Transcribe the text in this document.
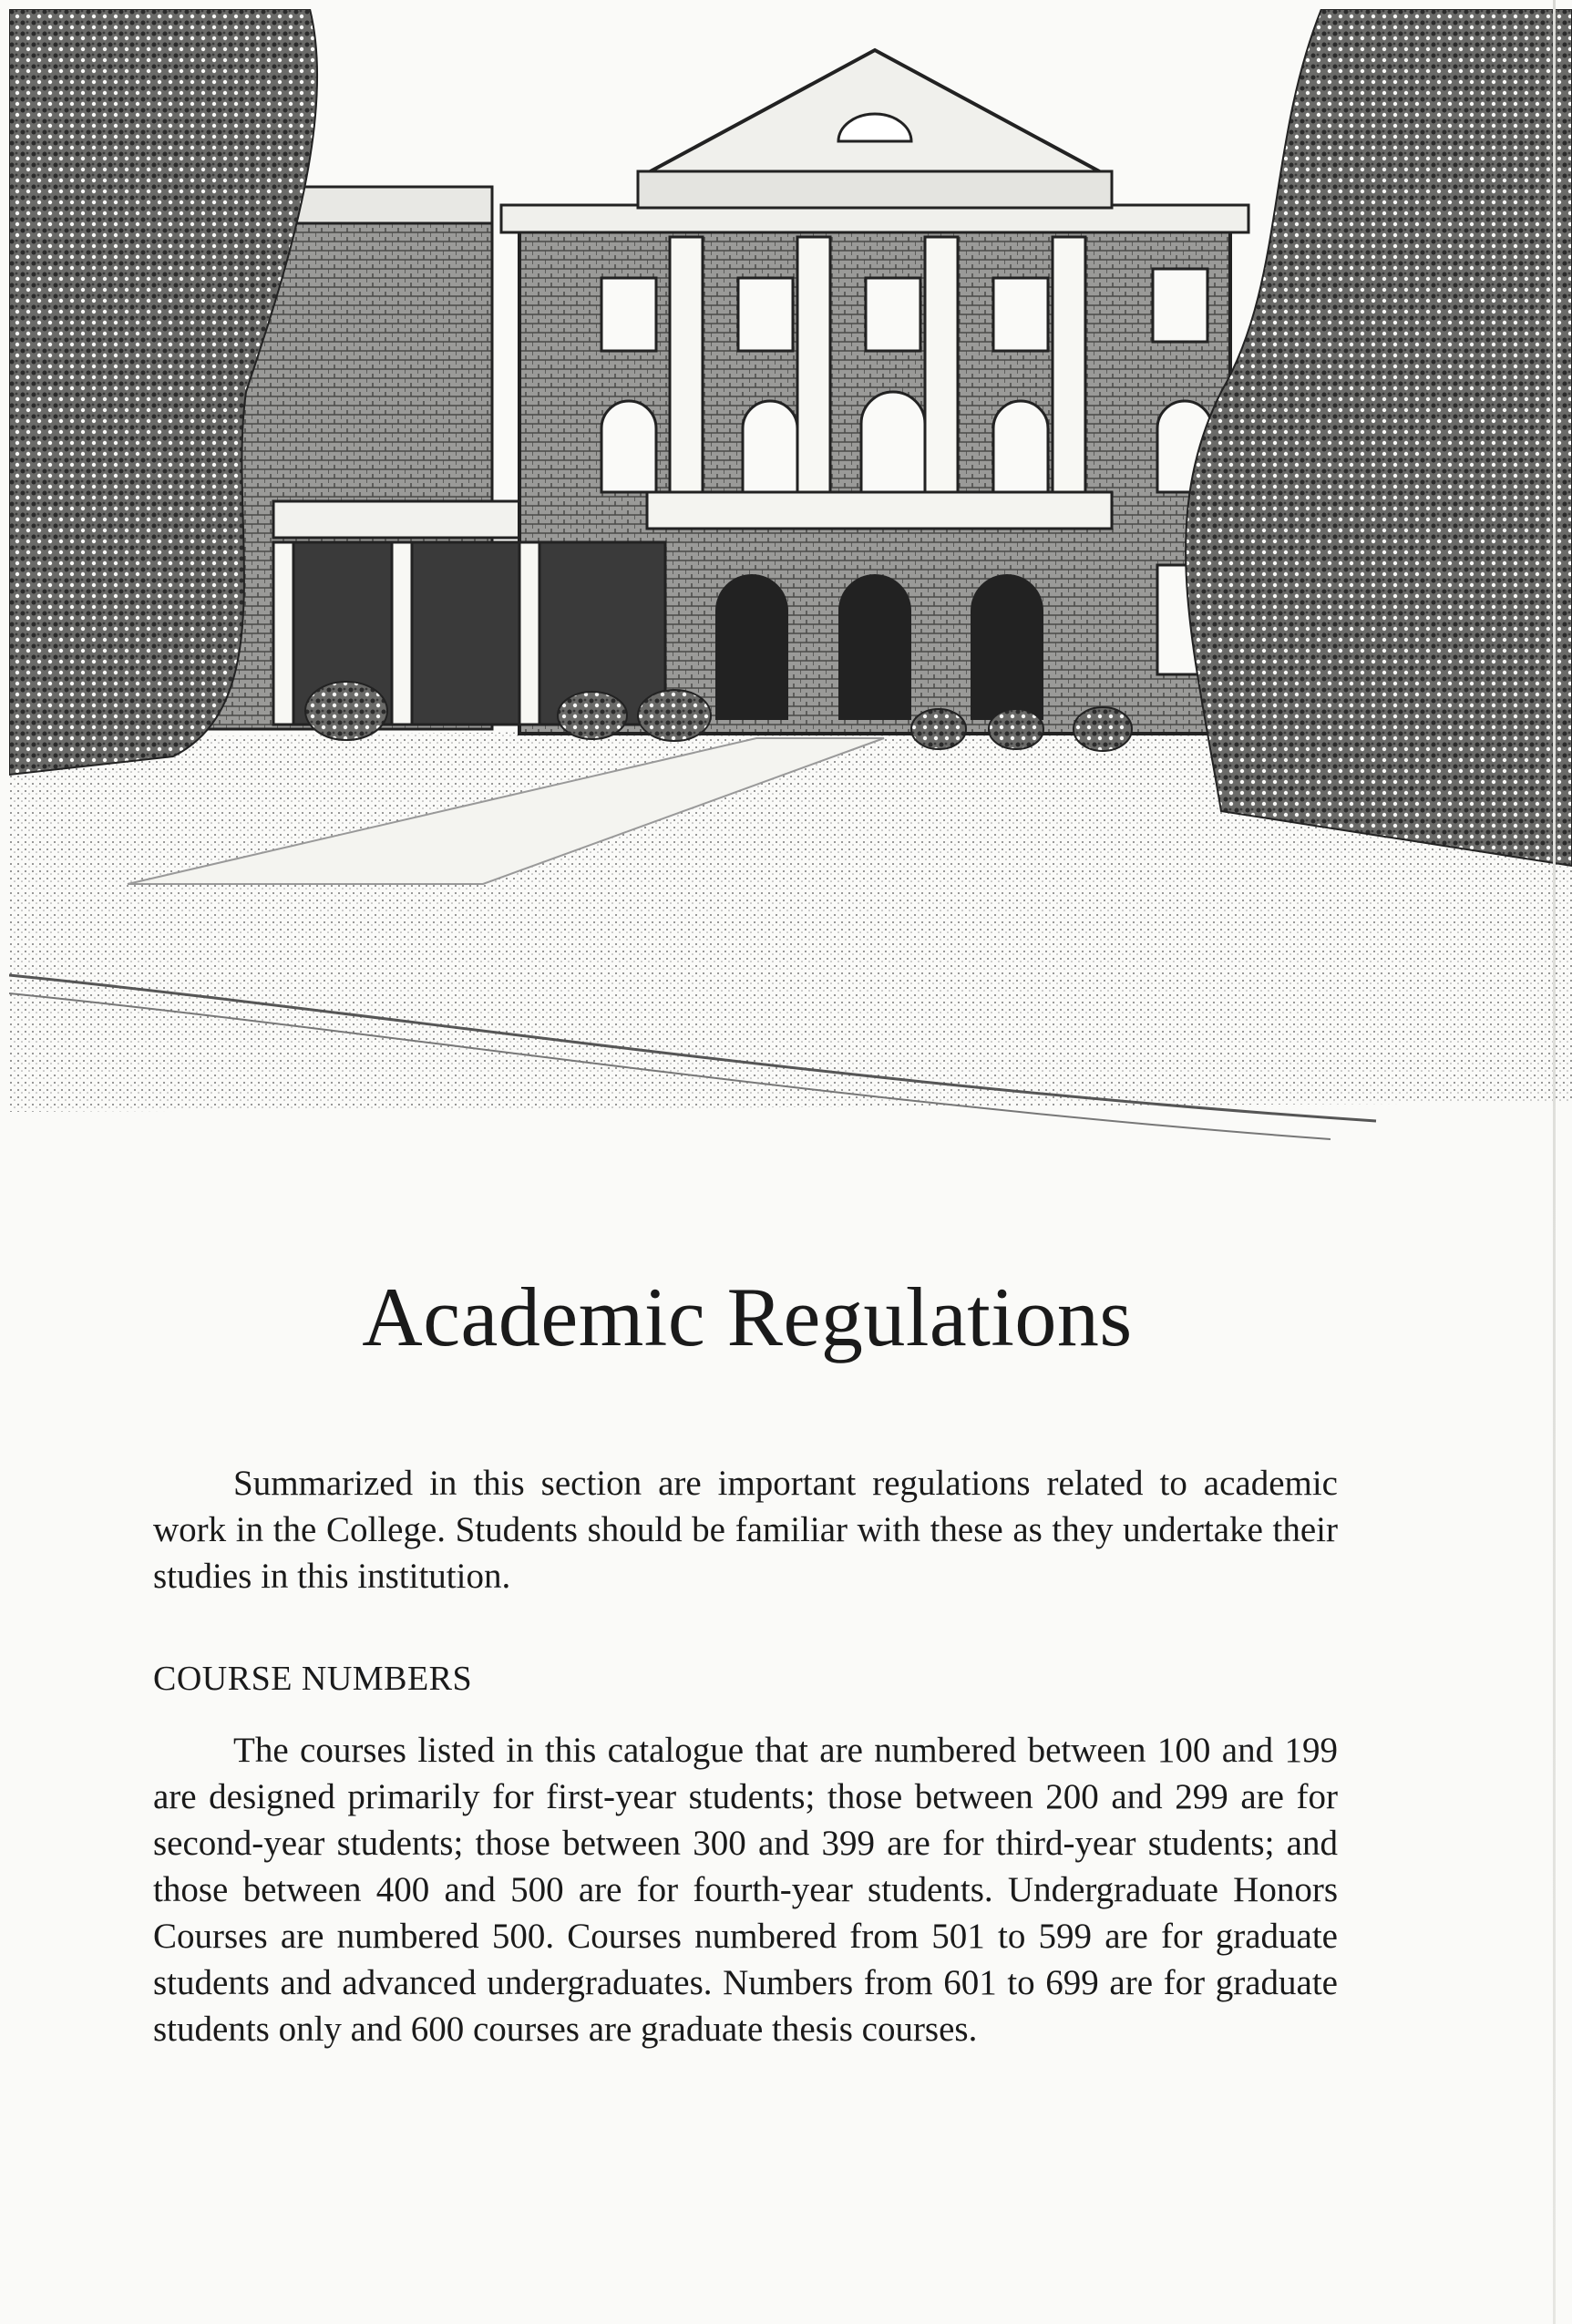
Academic Regulations

Summarized in this section are important regulations related to academic work in the College. Students should be familiar with these as they undertake their studies in this institution.

COURSE NUMBERS

The courses listed in this catalogue that are numbered between 100 and 199 are designed primarily for first-year students; those between 200 and 299 are for second-year students; those between 300 and 399 are for third-year students; and those between 400 and 500 are for fourth-year students. Undergraduate Honors Courses are numbered 500. Courses numbered from 501 to 599 are for graduate students and advanced undergraduates. Numbers from 601 to 699 are for graduate students only and 600 courses are graduate thesis courses.
